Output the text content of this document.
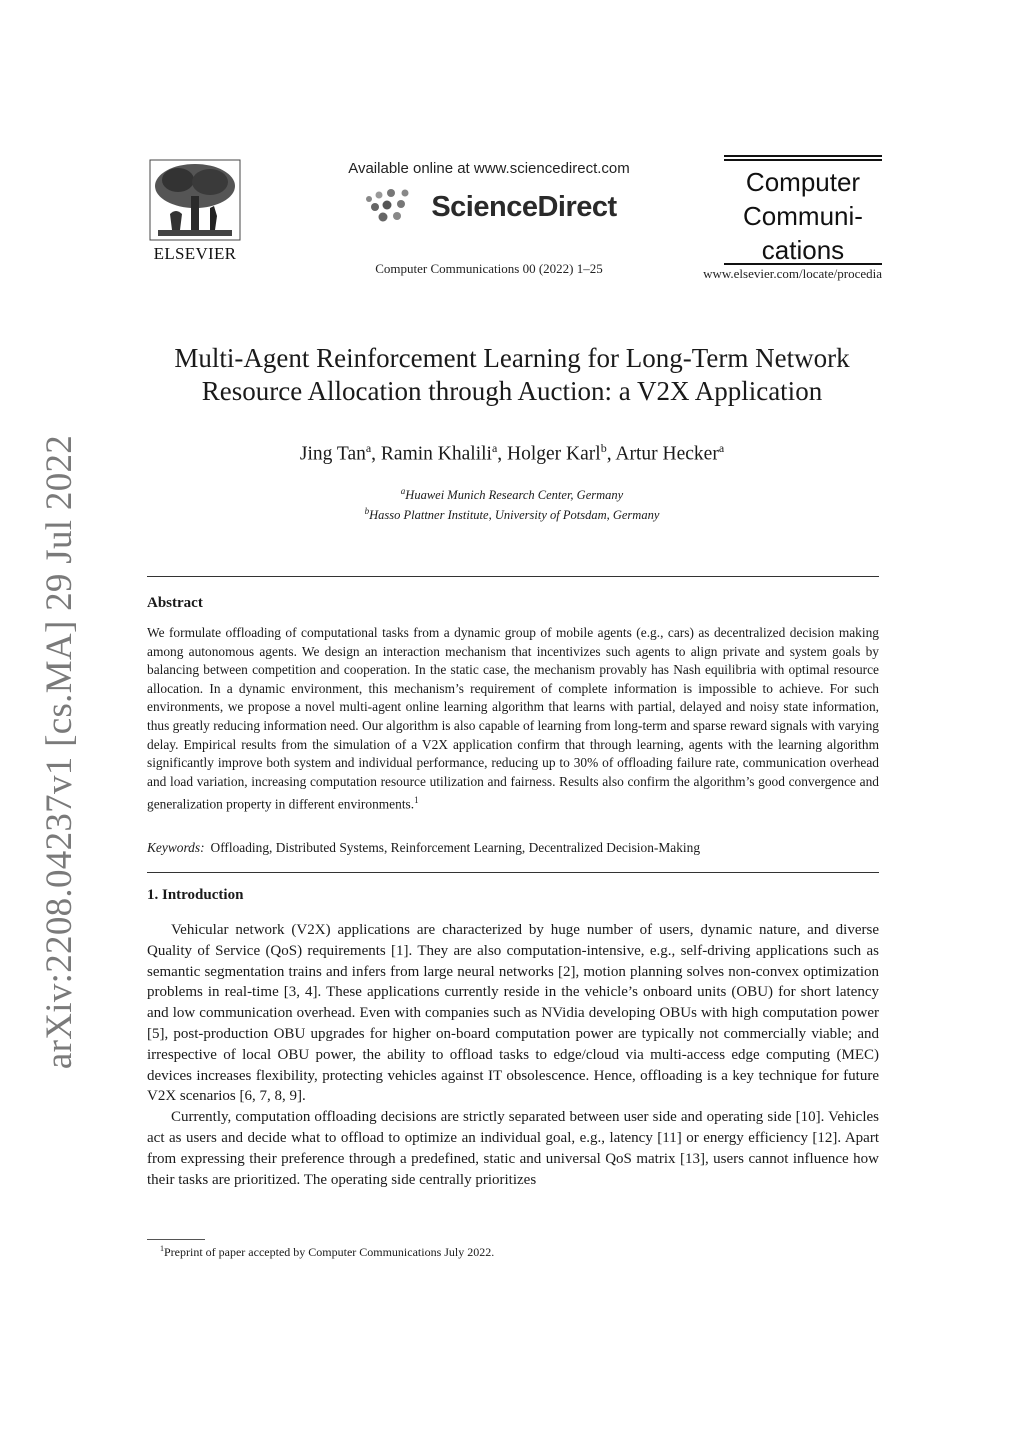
arXiv:2208.04237v1 [cs.MA] 29 Jul 2022
ELSEVIER
Available online at www.sciencedirect.com
ScienceDirect
Computer Communications 00 (2022) 1–25
Computer
Communi-
cations
www.elsevier.com/locate/procedia
Multi-Agent Reinforcement Learning for Long-Term Network
Resource Allocation through Auction: a V2X Application
Jing Tan$^a$, Ramin Khalili$^a$, Holger Karl$^b$, Artur Hecker$^a$
$^a$Huawei Munich Research Center, Germany
$^b$Hasso Plattner Institute, University of Potsdam, Germany
Abstract
We formulate offloading of computational tasks from a dynamic group of mobile agents (e.g., cars) as decentralized decision making among autonomous agents. We design an interaction mechanism that incentivizes such agents to align private and system goals by balancing between competition and cooperation. In the static case, the mechanism provably has Nash equilibria with optimal resource allocation. In a dynamic environment, this mechanism’s requirement of complete information is impossible to achieve. For such environments, we propose a novel multi-agent online learning algorithm that learns with partial, delayed and noisy state information, thus greatly reducing information need. Our algorithm is also capable of learning from long-term and sparse reward signals with varying delay. Empirical results from the simulation of a V2X application confirm that through learning, agents with the learning algorithm significantly improve both system and individual performance, reducing up to 30% of offloading failure rate, communication overhead and load variation, increasing computation resource utilization and fairness. Results also confirm the algorithm’s good convergence and generalization property in different environments.$^1$
Keywords: Offloading, Distributed Systems, Reinforcement Learning, Decentralized Decision-Making
1. Introduction

Vehicular network (V2X) applications are characterized by huge number of users, dynamic nature, and diverse Quality of Service (QoS) requirements [1]. They are also computation-intensive, e.g., self-driving applications such as semantic segmentation trains and infers from large neural networks [2], motion planning solves non-convex optimization problems in real-time [3, 4]. These applications currently reside in the vehicle’s onboard units (OBU) for short latency and low communication overhead. Even with companies such as NVidia developing OBUs with high computation power [5], post-production OBU upgrades for higher on-board computation power are typically not commercially viable; and irrespective of local OBU power, the ability to offload tasks to edge/cloud via multi-access edge computing (MEC) devices increases flexibility, protecting vehicles against IT obsolescence. Hence, offloading is a key technique for future V2X scenarios [6, 7, 8, 9].

Currently, computation offloading decisions are strictly separated between user side and operating side [10]. Vehicles act as users and decide what to offload to optimize an individual goal, e.g., latency [11] or energy efficiency [12]. Apart from expressing their preference through a predefined, static and universal QoS matrix [13], users cannot influence how their tasks are prioritized. The operating side centrally prioritizes

$^1$Preprint of paper accepted by Computer Communications July 2022.
